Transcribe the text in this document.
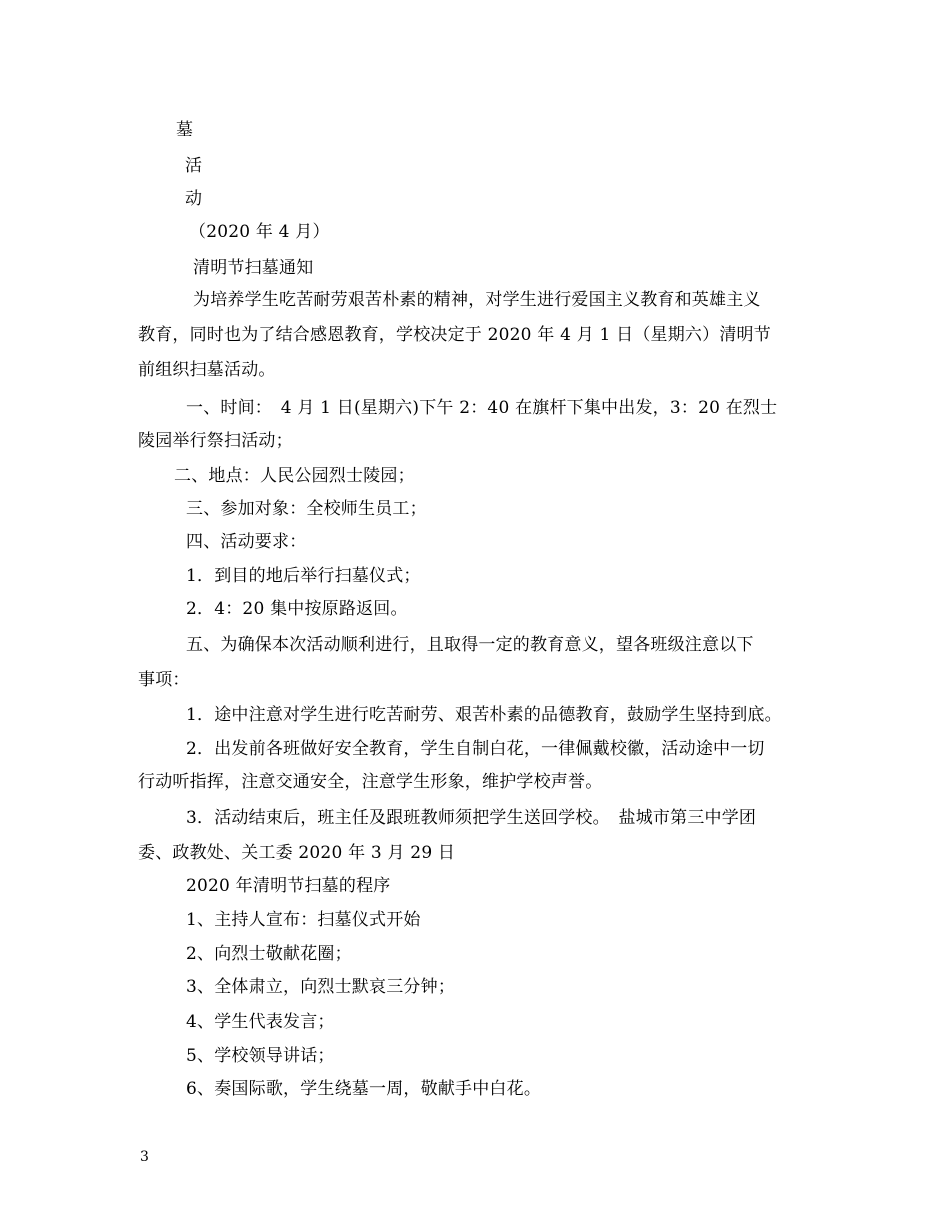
墓
活
动
（2020 年 4 月）
清明节扫墓通知
为培养学生吃苦耐劳艰苦朴素的精神，对学生进行爱国主义教育和英雄主义
教育，同时也为了结合感恩教育，学校决定于 2020 年 4 月 1 日（星期六）清明节
前组织扫墓活动。
一、时间：　4 月 1 日(星期六)下午 2：40 在旗杆下集中出发，3：20 在烈士
陵园举行祭扫活动；
二、地点：人民公园烈士陵园；
三、参加对象：全校师生员工；
四、活动要求：
1．到目的地后举行扫墓仪式；
2．4：20 集中按原路返回。
五、为确保本次活动顺利进行，且取得一定的教育意义，望各班级注意以下
事项：
1．途中注意对学生进行吃苦耐劳、艰苦朴素的品德教育，鼓励学生坚持到底。
2．出发前各班做好安全教育，学生自制白花，一律佩戴校徽，活动途中一切
行动听指挥，注意交通安全，注意学生形象，维护学校声誉。
3．活动结束后，班主任及跟班教师须把学生送回学校。　盐城市第三中学团
委、政教处、关工委 2020 年 3 月 29 日
2020 年清明节扫墓的程序
1、主持人宣布：扫墓仪式开始
2、向烈士敬献花圈；
3、全体肃立，向烈士默哀三分钟；
4、学生代表发言；
5、学校领导讲话；
6、奏国际歌，学生绕墓一周，敬献手中白花。
3
